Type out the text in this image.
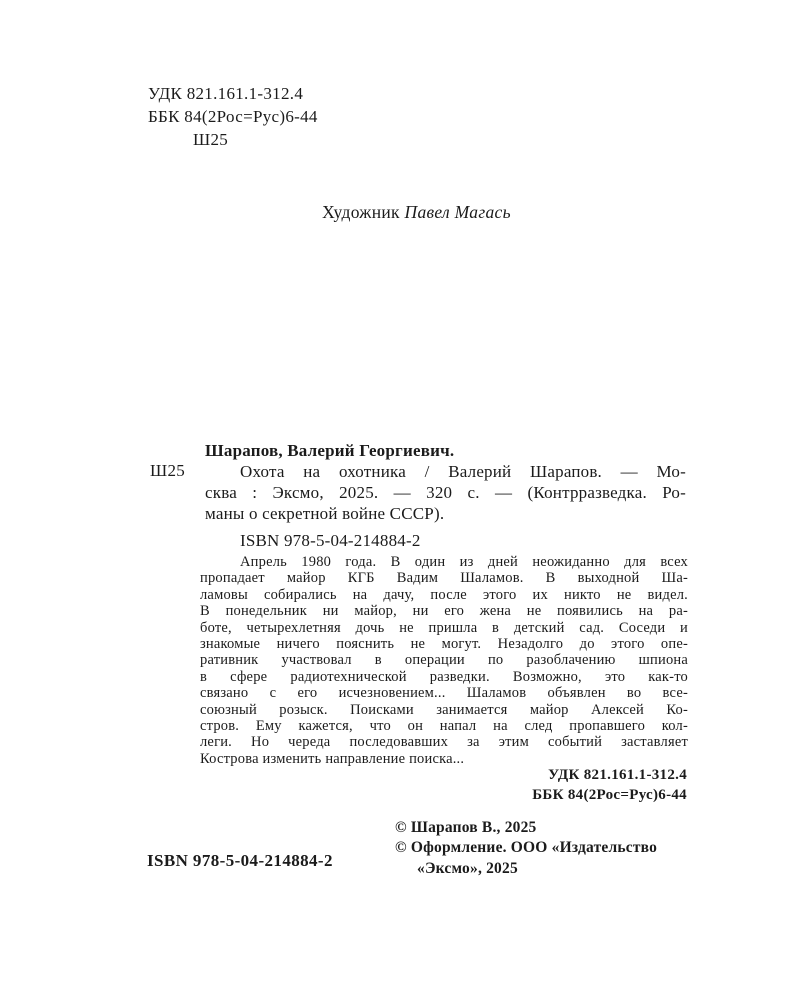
УДК 821.161.1-312.4
ББК 84(2Рос=Рус)6-44
Ш25
Художник Павел Магась
Ш25
Шарапов, Валерий Георгиевич.
Охота на охотника / Валерий Шарапов. — Мо-
сква : Эксмо, 2025. — 320 с. — (Контрразведка. Ро-
маны о секретной войне СССР).
ISBN 978-5-04-214884-2
Апрель 1980 года. В один из дней неожиданно для всех
пропадает майор КГБ Вадим Шаламов. В выходной Ша-
ламовы собирались на дачу, после этого их никто не видел.
В понедельник ни майор, ни его жена не появились на ра-
боте, четырехлетняя дочь не пришла в детский сад. Соседи и
знакомые ничего пояснить не могут. Незадолго до этого опе-
ративник участвовал в операции по разоблачению шпиона
в сфере радиотехнической разведки. Возможно, это как-то
связано с его исчезновением... Шаламов объявлен во все-
союзный розыск. Поисками занимается майор Алексей Ко-
стров. Ему кажется, что он напал на след пропавшего кол-
леги. Но череда последовавших за этим событий заставляет
Кострова изменить направление поиска...
УДК 821.161.1-312.4
ББК 84(2Рос=Рус)6-44
© Шарапов В., 2025
© Оформление. ООО «Издательство
«Эксмо», 2025
ISBN 978-5-04-214884-2
